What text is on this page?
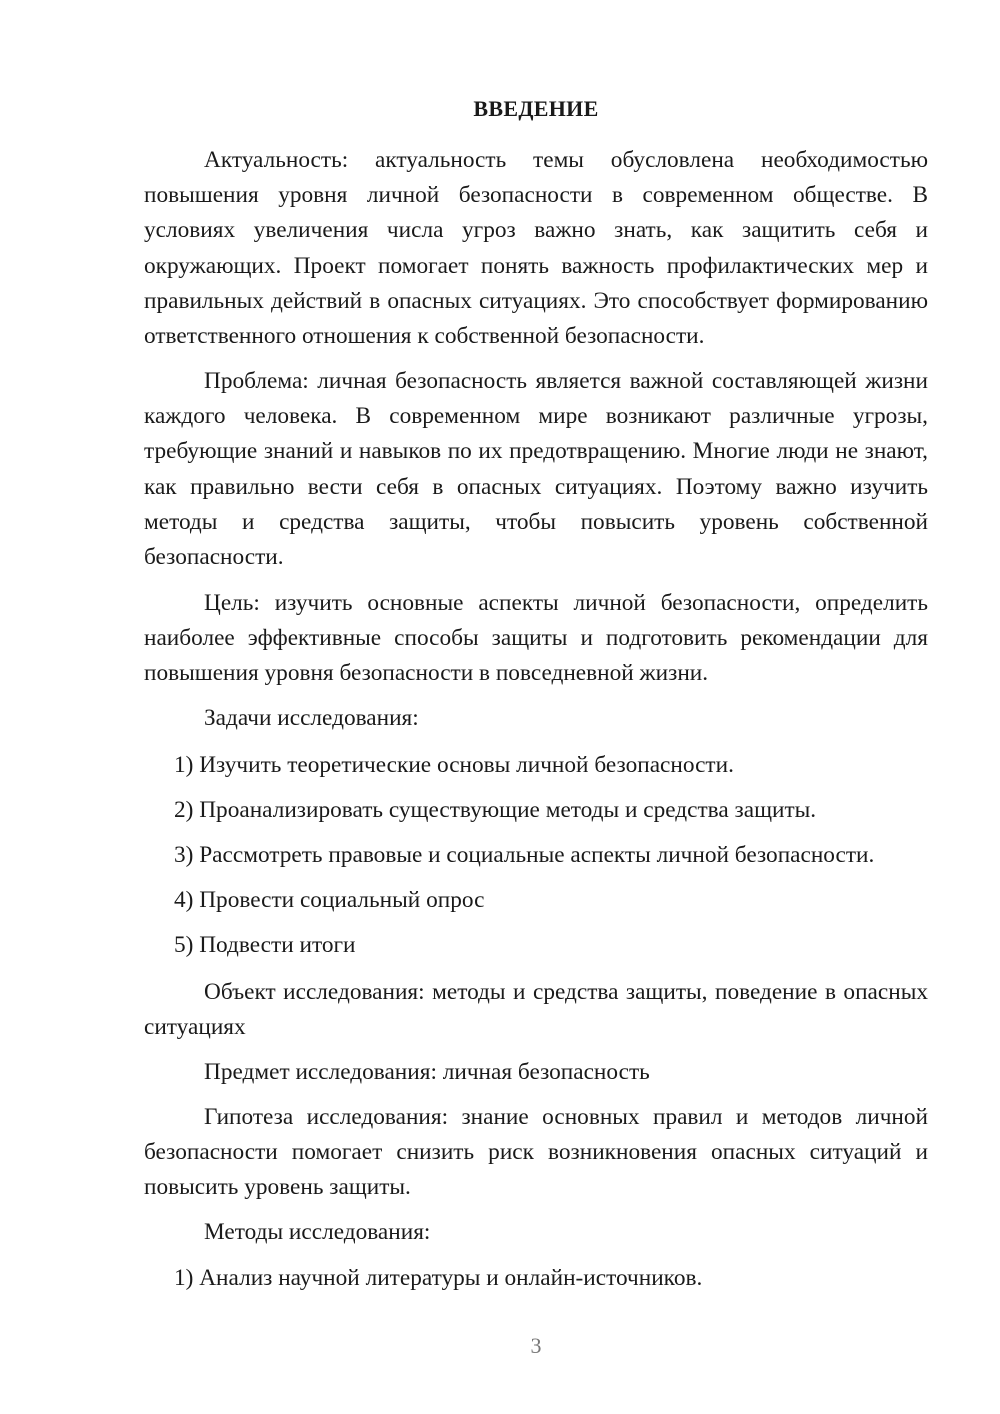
ВВЕДЕНИЕ

Актуальность: актуальность темы обусловлена необходимостью повышения уровня личной безопасности в современном обществе. В условиях увеличения числа угроз важно знать, как защитить себя и окружающих. Проект помогает понять важность профилактических мер и правильных действий в опасных ситуациях. Это способствует формированию ответственного отношения к собственной безопасности.

Проблема: личная безопасность является важной составляющей жизни каждого человека. В современном мире возникают различные угрозы, требующие знаний и навыков по их предотвращению. Многие люди не знают, как правильно вести себя в опасных ситуациях. Поэтому важно изучить методы и средства защиты, чтобы повысить уровень собственной безопасности.

Цель: изучить основные аспекты личной безопасности, определить наиболее эффективные способы защиты и подготовить рекомендации для повышения уровня безопасности в повседневной жизни.

Задачи исследования:

1) Изучить теоретические основы личной безопасности.

2) Проанализировать существующие методы и средства защиты.

3) Рассмотреть правовые и социальные аспекты личной безопасности.

4) Провести социальный опрос

5) Подвести итоги

Объект исследования: методы и средства защиты, поведение в опасных ситуациях

Предмет исследования: личная безопасность

Гипотеза исследования: знание основных правил и методов личной безопасности помогает снизить риск возникновения опасных ситуаций и повысить уровень защиты.

Методы исследования:

1) Анализ научной литературы и онлайн-источников.

3
